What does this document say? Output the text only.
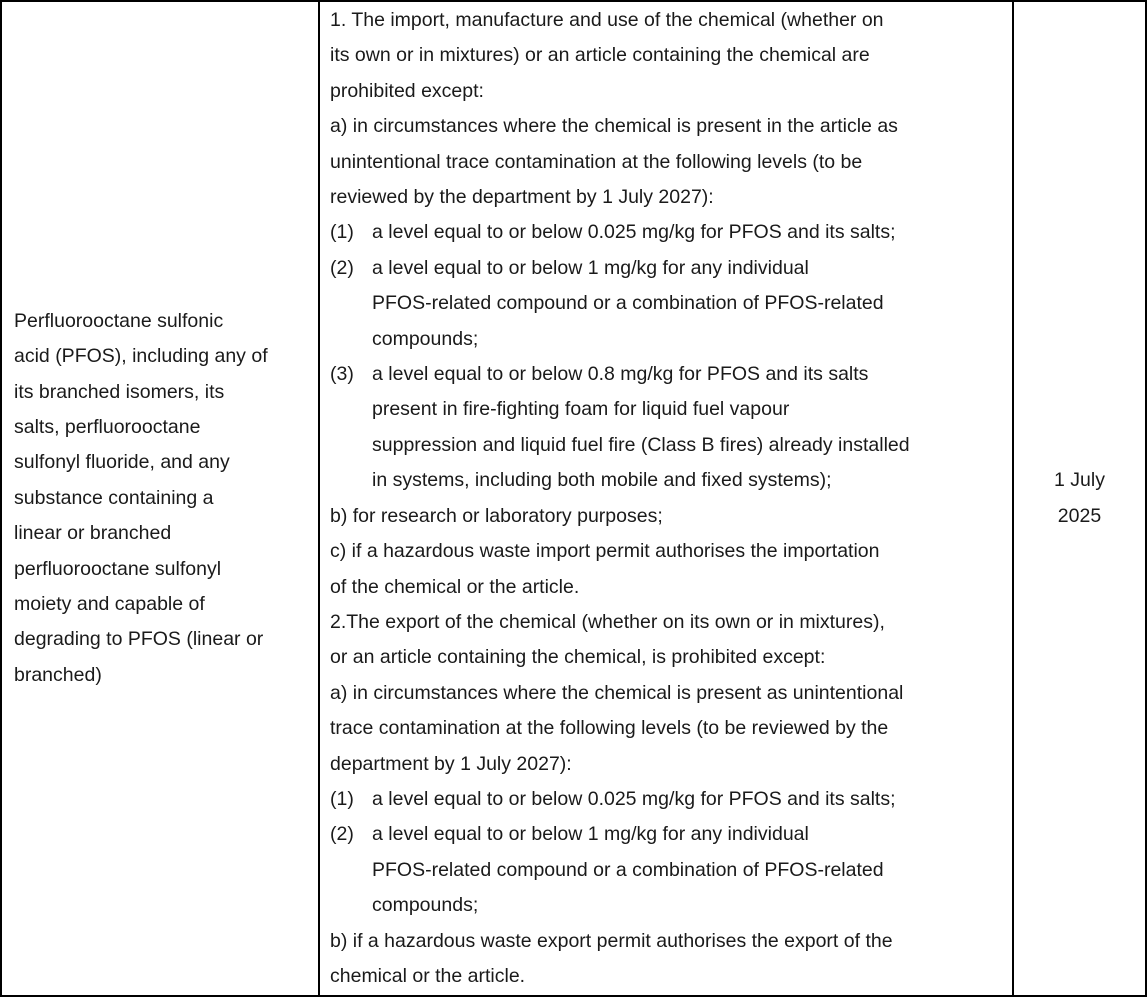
Perfluorooctane sulfonic
acid (PFOS), including any of
its branched isomers, its
salts, perfluorooctane
sulfonyl fluoride, and any
substance containing a
linear or branched
perfluorooctane sulfonyl
moiety and capable of
degrading to PFOS (linear or
branched)

1. The import, manufacture and use of the chemical (whether on
its own or in mixtures) or an article containing the chemical are
prohibited except:
a) in circumstances where the chemical is present in the article as
unintentional trace contamination at the following levels (to be
reviewed by the department by 1 July 2027):
(1) a level equal to or below 0.025 mg/kg for PFOS and its salts;
(2) a level equal to or below 1 mg/kg for any individual
PFOS-related compound or a combination of PFOS-related
compounds;
(3) a level equal to or below 0.8 mg/kg for PFOS and its salts
present in fire-fighting foam for liquid fuel vapour
suppression and liquid fuel fire (Class B fires) already installed
in systems, including both mobile and fixed systems);
b) for research or laboratory purposes;
c) if a hazardous waste import permit authorises the importation
of the chemical or the article.
2.The export of the chemical (whether on its own or in mixtures),
or an article containing the chemical, is prohibited except:
a) in circumstances where the chemical is present as unintentional
trace contamination at the following levels (to be reviewed by the
department by 1 July 2027):
(1) a level equal to or below 0.025 mg/kg for PFOS and its salts;
(2) a level equal to or below 1 mg/kg for any individual
PFOS-related compound or a combination of PFOS-related
compounds;
b) if a hazardous waste export permit authorises the export of the
chemical or the article.

1 July
2025
